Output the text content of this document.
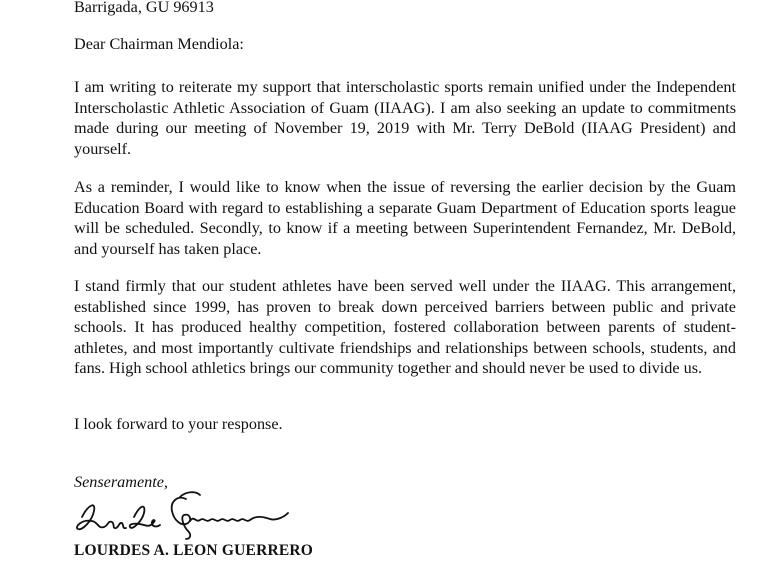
Barrigada, GU 96913

Dear Chairman Mendiola:

I am writing to reiterate my support that interscholastic sports remain unified under the Independent Interscholastic Athletic Association of Guam (IIAAG). I am also seeking an update to commitments made during our meeting of November 19, 2019 with Mr. Terry DeBold (IIAAG President) and yourself.

As a reminder, I would like to know when the issue of reversing the earlier decision by the Guam Education Board with regard to establishing a separate Guam Department of Education sports league will be scheduled. Secondly, to know if a meeting between Superintendent Fernandez, Mr. DeBold, and yourself has taken place.

I stand firmly that our student athletes have been served well under the IIAAG. This arrangement, established since 1999, has proven to break down perceived barriers between public and private schools. It has produced healthy competition, fostered collaboration between parents of student-athletes, and most importantly cultivate friendships and relationships between schools, students, and fans. High school athletics brings our community together and should never be used to divide us.

I look forward to your response.

Senseramente,

LOURDES A. LEON GUERRERO
